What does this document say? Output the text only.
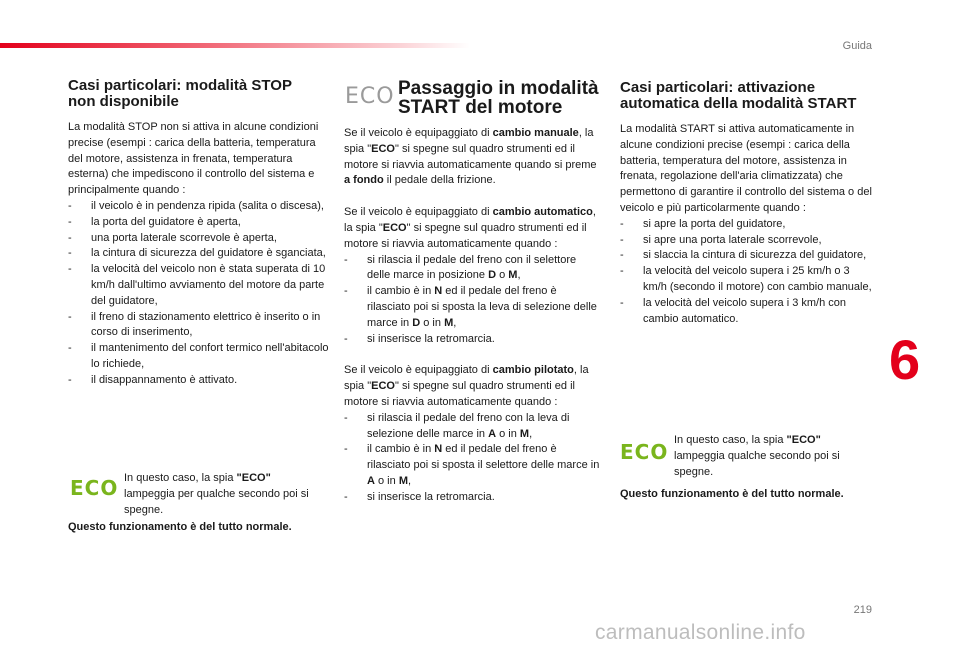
Guida
6
219
carmanualsonline.info

Casi particolari: modalità STOP
non disponibile

La modalità STOP non si attiva in alcune condizioni precise (esempi : carica della batteria, temperatura del motore, assistenza in frenata, temperatura esterna) che impediscono il controllo del sistema e principalmente quando :

- il veicolo è in pendenza ripida (salita o discesa),
- la porta del guidatore è aperta,
- una porta laterale scorrevole è aperta,
- la cintura di sicurezza del guidatore è sganciata,
- la velocità del veicolo non è stata superata di 10 km/h dall'ultimo avviamento del motore da parte del guidatore,
- il freno di stazionamento elettrico è inserito o in corso di inserimento,
- il mantenimento del confort termico nell'abitacolo lo richiede,
- il disappannamento è attivato.
ECO In questo caso, la spia "ECO" lampeggia per qualche secondo poi si spegne.
Questo funzionamento è del tutto normale.
ECO Passaggio in modalità
START del motore

Se il veicolo è equipaggiato di cambio manuale, la spia "ECO" si spegne sul quadro strumenti ed il motore si riavvia automaticamente quando si preme a fondo il pedale della frizione.

Se il veicolo è equipaggiato di cambio automatico, la spia "ECO" si spegne sul quadro strumenti ed il motore si riavvia automaticamente quando :

- si rilascia il pedale del freno con il selettore delle marce in posizione D o M,
- il cambio è in N ed il pedale del freno è rilasciato poi si sposta la leva di selezione delle marce in D o in M,
- si inserisce la retromarcia.

Se il veicolo è equipaggiato di cambio pilotato, la spia "ECO" si spegne sul quadro strumenti ed il motore si riavvia automaticamente quando :

- si rilascia il pedale del freno con la leva di selezione delle marce in A o in M,
- il cambio è in N ed il pedale del freno è rilasciato poi si sposta il selettore delle marce in A o in M,
- si inserisce la retromarcia.

Casi particolari: attivazione
automatica della modalità START

La modalità START si attiva automaticamente in alcune condizioni precise (esempi : carica della batteria, temperatura del motore, assistenza in frenata, regolazione dell'aria climatizzata) che permettono di garantire il controllo del sistema o del veicolo e più particolarmente quando :

- si apre la porta del guidatore,
- si apre una porta laterale scorrevole,
- si slaccia la cintura di sicurezza del guidatore,
- la velocità del veicolo supera i 25 km/h o 3 km/h (secondo il motore) con cambio manuale,
- la velocità del veicolo supera i 3 km/h con cambio automatico.
ECO In questo caso, la spia "ECO" lampeggia qualche secondo poi si spegne.
Questo funzionamento è del tutto normale.
